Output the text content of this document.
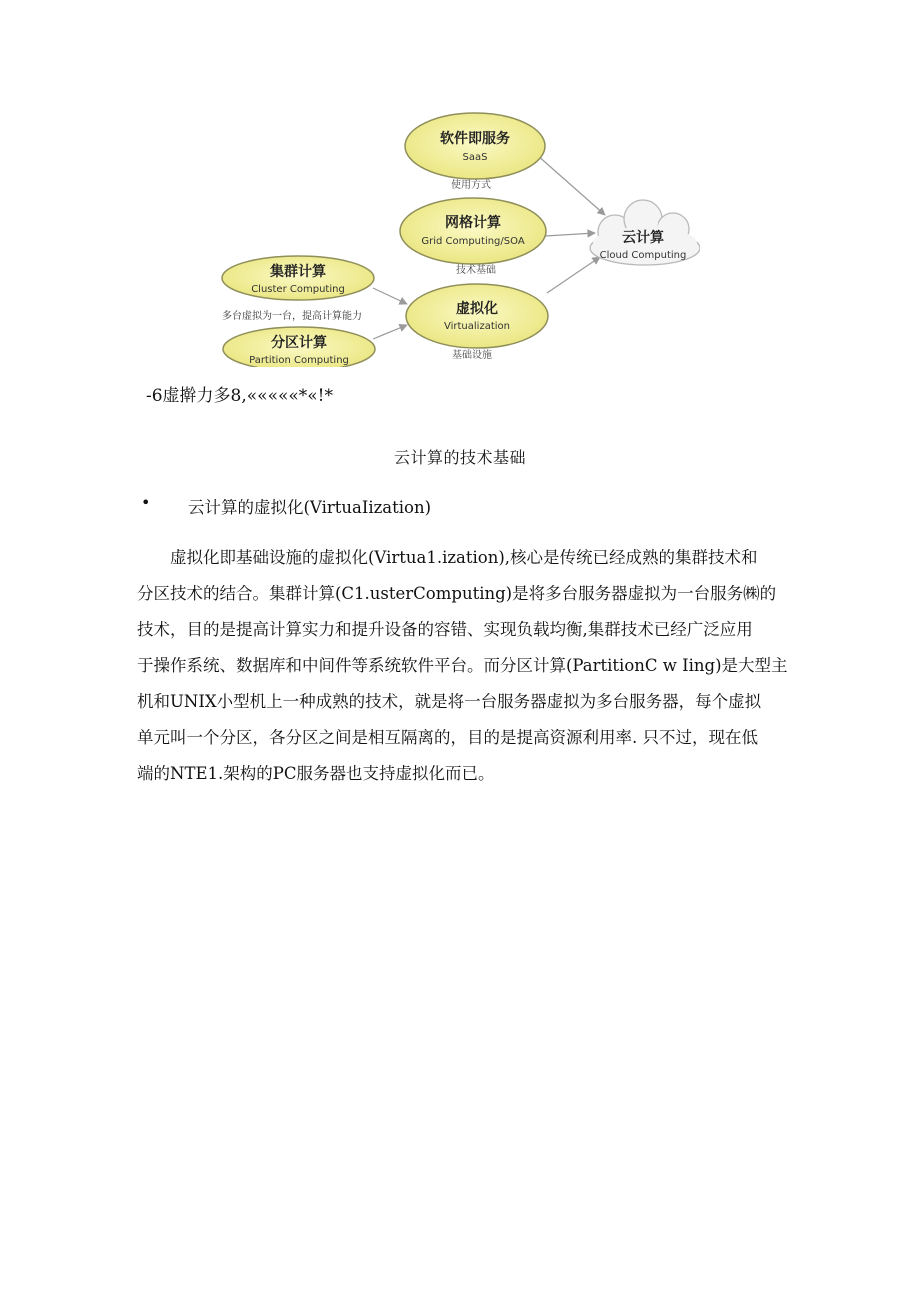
软件即服务
SaaS
使用方式
网格计算
Grid Computing/SOA
技术基础
集群计算
Cluster Computing
分区计算
Partition Computing
虚拟化
Virtualization
基础设施
云计算
Cloud Computing
多台虚拟为一台，提高计算能力
-6虚擀力多8,«««««*«!*
云计算的技术基础
• 云计算的虚拟化(VirtuaIization)
虚拟化即基础设施的虚拟化(Virtua1.ization),核心是传统已经成熟的集群技术和
分区技术的结合。集群计算(C1.usterComputing)是将多台服务器虚拟为一台服务㈱的
技术，目的是提高计算实力和提升设备的容错、实现负载均衡,集群技术已经广泛应用
于操作系统、数据库和中间件等系统软件平台。而分区计算(PartitionC w Iing)是大型主
机和UNIX小型机上一种成熟的技术，就是将一台服务器虚拟为多台服务器，每个虚拟
单元叫一个分区，各分区之间是相互隔离的，目的是提高资源利用率. 只不过，现在低
端的NTE1.架构的PC服务器也支持虚拟化而已。
